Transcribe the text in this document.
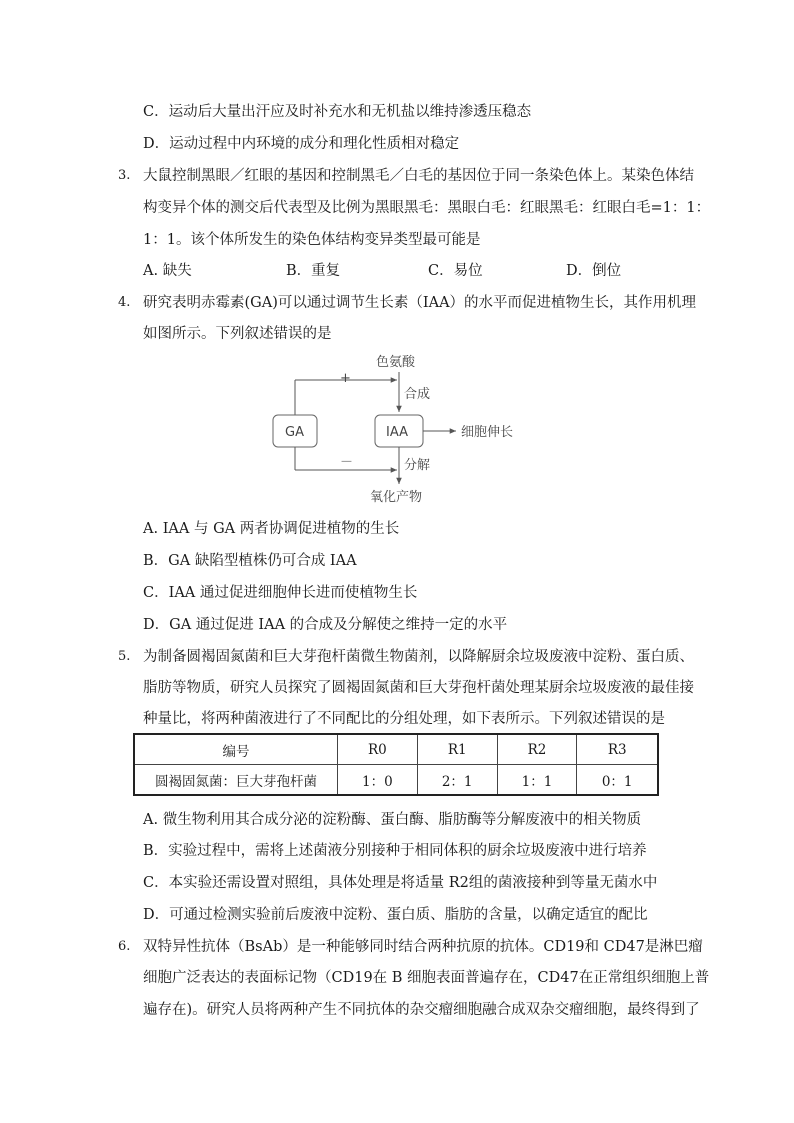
C．运动后大量出汗应及时补充水和无机盐以维持渗透压稳态
D．运动过程中内环境的成分和理化性质相对稳定
3. 大鼠控制黑眼／红眼的基因和控制黑毛／白毛的基因位于同一条染色体上。某染色体结
构变异个体的测交后代表型及比例为黑眼黑毛：黑眼白毛：红眼黑毛：红眼白毛=1：1：
1：1。该个体所发生的染色体结构变异类型最可能是
A. 缺失	B．重复	C．易位	D．倒位
4. 研究表明赤霉素(GA)可以通过调节生长素（IAA）的水平而促进植物生长，其作用机理
如图所示。下列叙述错误的是
色氨酸
+
合成
GA	IAA	细胞伸长
－	分解
氧化产物
A. IAA 与 GA 两者协调促进植物的生长
B．GA 缺陷型植株仍可合成 IAA
C．IAA 通过促进细胞伸长进而使植物生长
D．GA 通过促进 IAA 的合成及分解使之维持一定的水平
5. 为制备圆褐固氮菌和巨大芽孢杆菌微生物菌剂，以降解厨余垃圾废液中淀粉、蛋白质、
脂肪等物质，研究人员探究了圆褐固氮菌和巨大芽孢杆菌处理某厨余垃圾废液的最佳接
种量比，将两种菌液进行了不同配比的分组处理，如下表所示。下列叙述错误的是
编号	R0	R1	R2	R3
圆褐固氮菌：巨大芽孢杆菌	1：0	2：1	1：1	0：1
A. 微生物利用其合成分泌的淀粉酶、蛋白酶、脂肪酶等分解废液中的相关物质
B．实验过程中，需将上述菌液分别接种于相同体积的厨余垃圾废液中进行培养
C．本实验还需设置对照组，具体处理是将适量 R2组的菌液接种到等量无菌水中
D．可通过检测实验前后废液中淀粉、蛋白质、脂肪的含量，以确定适宜的配比
6. 双特异性抗体（BsAb）是一种能够同时结合两种抗原的抗体。CD19和 CD47是淋巴瘤
细胞广泛表达的表面标记物（CD19在 B 细胞表面普遍存在，CD47在正常组织细胞上普
遍存在)。研究人员将两种产生不同抗体的杂交瘤细胞融合成双杂交瘤细胞，最终得到了
